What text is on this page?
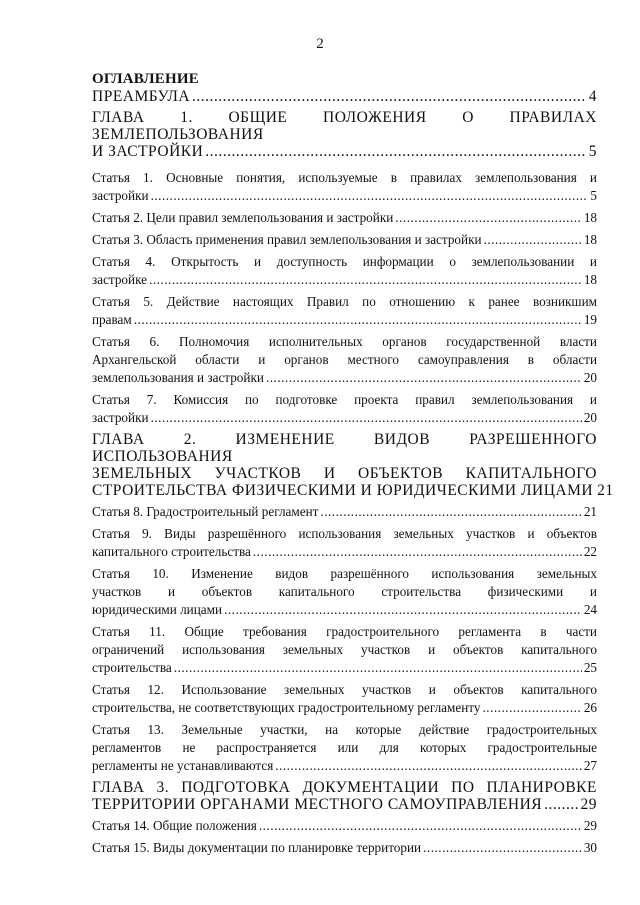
2
ОГЛАВЛЕНИЕ
ПРЕАМБУЛА .....	4
ГЛАВА 1. ОБЩИЕ ПОЛОЖЕНИЯ О ПРАВИЛАХ ЗЕМЛЕПОЛЬЗОВАНИЯ
И ЗАСТРОЙКИ .....	5
Статья 1. Основные понятия, используемые в правилах землепользования и
застройки .....	5
Статья 2. Цели правил землепользования и застройки .....	18
Статья 3. Область применения правил землепользования и застройки .....	18
Статья 4. Открытость и доступность информации о землепользовании и
застройке .....	18
Статья 5. Действие настоящих Правил по отношению к ранее возникшим
правам .....	19
Статья 6. Полномочия исполнительных органов государственной власти
Архангельской области и органов местного самоуправления в области
землепользования и застройки .....	20
Статья 7. Комиссия по подготовке проекта правил землепользования и
застройки .....	20
ГЛАВА 2. ИЗМЕНЕНИЕ ВИДОВ РАЗРЕШЕННОГО ИСПОЛЬЗОВАНИЯ
ЗЕМЕЛЬНЫХ УЧАСТКОВ И ОБЪЕКТОВ КАПИТАЛЬНОГО
СТРОИТЕЛЬСТВА ФИЗИЧЕСКИМИ И ЮРИДИЧЕСКИМИ ЛИЦАМИ 21
Статья 8. Градостроительный регламент .....	21
Статья 9. Виды разрешённого использования земельных участков и объектов
капитального строительства .....	22
Статья 10. Изменение видов разрешённого использования земельных
участков и объектов капитального строительства физическими и
юридическими лицами .....	24
Статья 11. Общие требования градостроительного регламента в части
ограничений использования земельных участков и объектов капитального
строительства .....	25
Статья 12. Использование земельных участков и объектов капитального
строительства, не соответствующих градостроительному регламенту .....	26
Статья 13. Земельные участки, на которые действие градостроительных
регламентов не распространяется или для которых градостроительные
регламенты не устанавливаются .....	27
ГЛАВА 3. ПОДГОТОВКА ДОКУМЕНТАЦИИ ПО ПЛАНИРОВКЕ
ТЕРРИТОРИИ ОРГАНАМИ МЕСТНОГО САМОУПРАВЛЕНИЯ ..... 29
Статья 14. Общие положения .....	29
Статья 15. Виды документации по планировке территории .....	30
